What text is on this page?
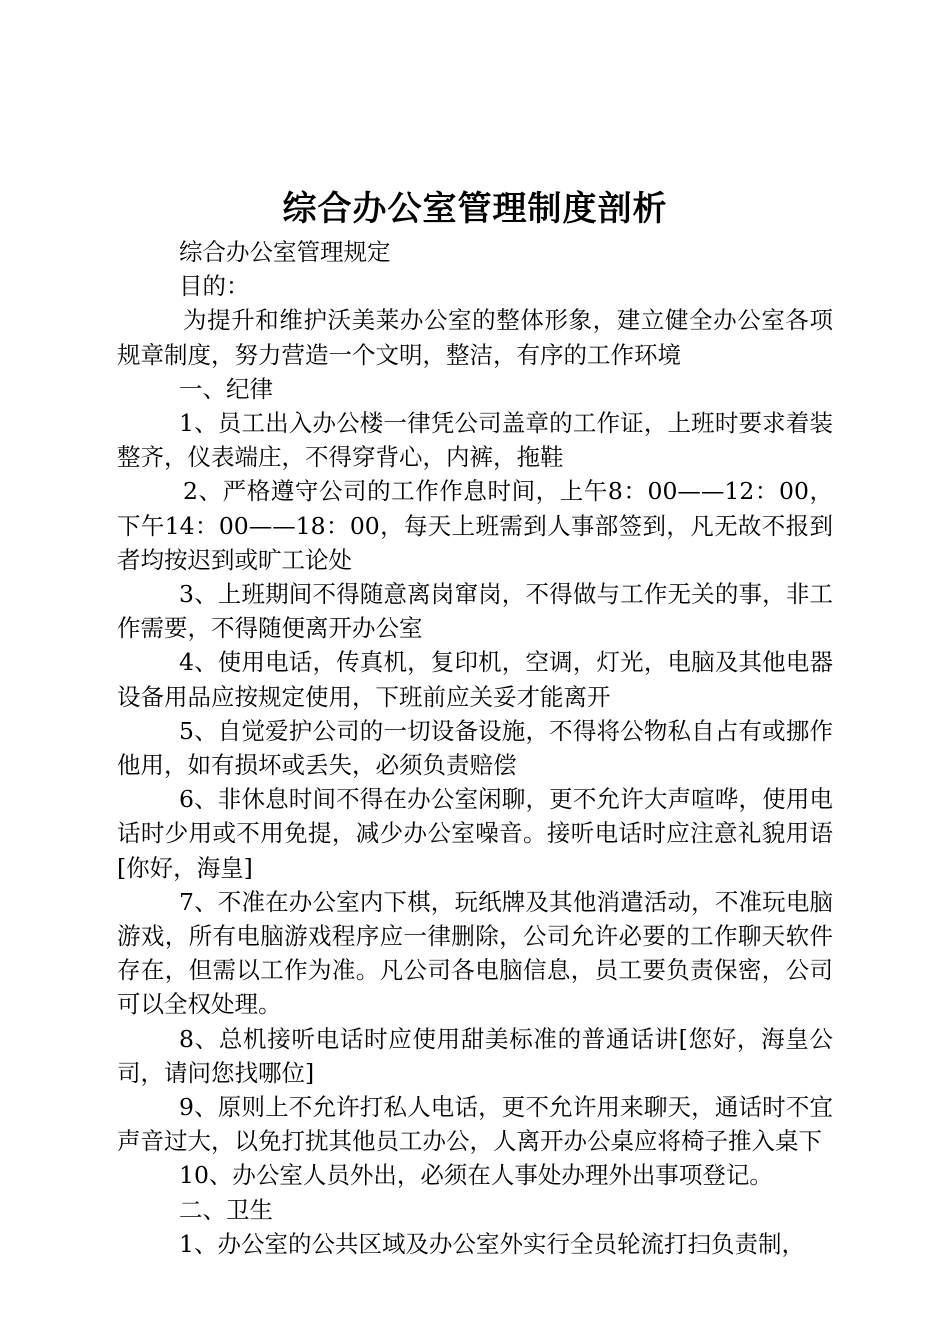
综合办公室管理制度剖析

综合办公室管理规定

目的：

为提升和维护沃美莱办公室的整体形象，建立健全办公室各项规章制度，努力营造一个文明，整洁，有序的工作环境

一、纪律

1、员工出入办公楼一律凭公司盖章的工作证，上班时要求着装整齐，仪表端庄，不得穿背心，内裤，拖鞋

2、严格遵守公司的工作作息时间，上午8：00——12：00，下午14：00——18：00，每天上班需到人事部签到，凡无故不报到者均按迟到或旷工论处

3、上班期间不得随意离岗窜岗，不得做与工作无关的事，非工作需要，不得随便离开办公室

4、使用电话，传真机，复印机，空调，灯光，电脑及其他电器设备用品应按规定使用，下班前应关妥才能离开

5、自觉爱护公司的一切设备设施，不得将公物私自占有或挪作他用，如有损坏或丢失，必须负责赔偿

6、非休息时间不得在办公室闲聊，更不允许大声喧哗，使用电话时少用或不用免提，减少办公室噪音。接听电话时应注意礼貌用语[你好，海皇]

7、不准在办公室内下棋，玩纸牌及其他消遣活动，不准玩电脑游戏，所有电脑游戏程序应一律删除，公司允许必要的工作聊天软件存在，但需以工作为准。凡公司各电脑信息，员工要负责保密，公司可以全权处理。

8、总机接听电话时应使用甜美标准的普通话讲[您好，海皇公司，请问您找哪位]

9、原则上不允许打私人电话，更不允许用来聊天，通话时不宜声音过大，以免打扰其他员工办公，人离开办公桌应将椅子推入桌下

10、办公室人员外出，必须在人事处办理外出事项登记。

二、卫生

1、办公室的公共区域及办公室外实行全员轮流打扫负责制，
